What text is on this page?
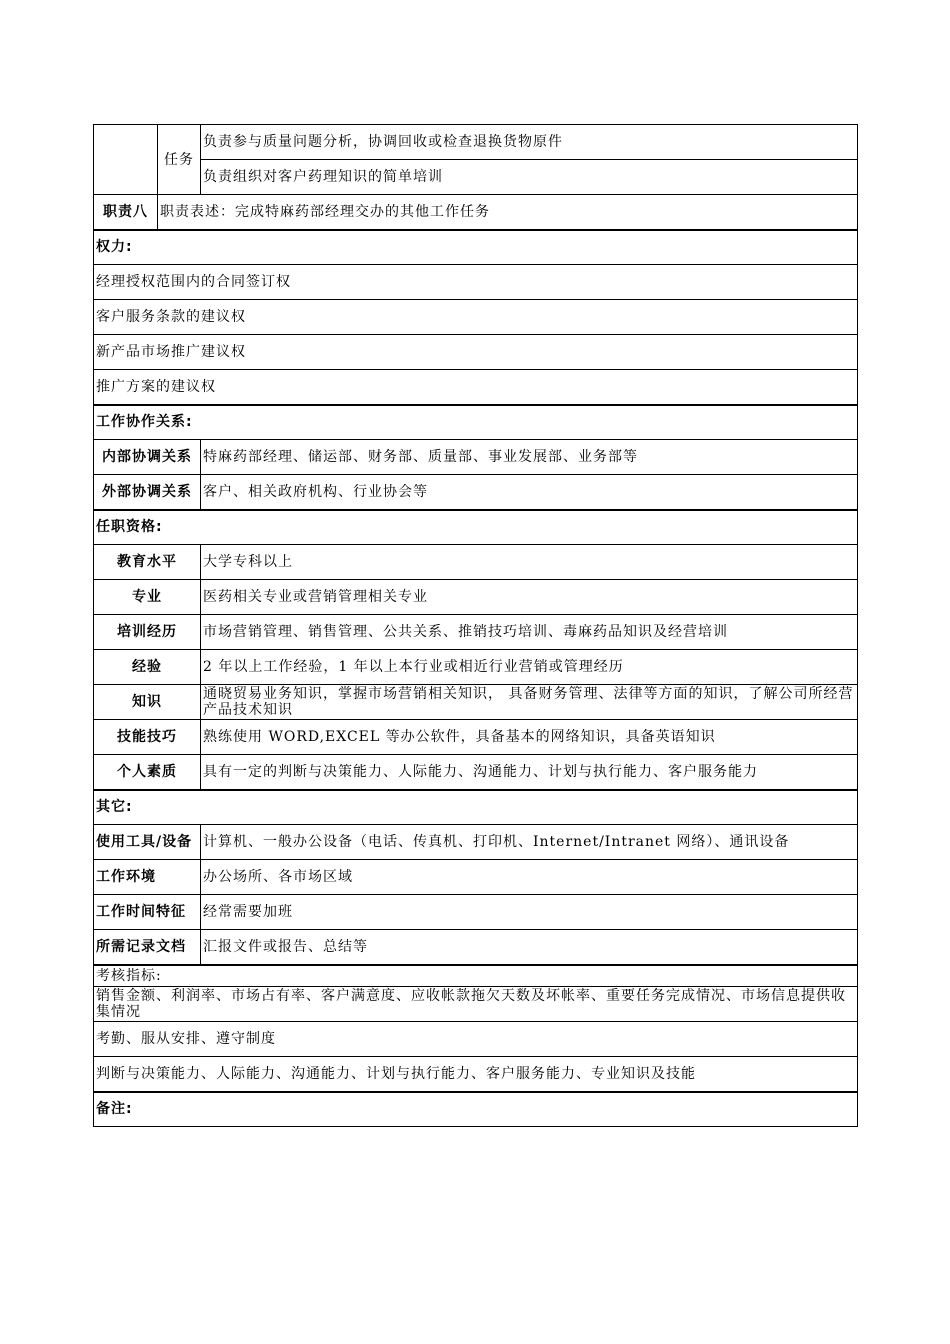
	任务	负责参与质量问题分析，协调回收或检查退换货物原件
		负责组织对客户药理知识的简单培训
职责八	职责表述：完成特麻药部经理交办的其他工作任务	
权力:		
经理授权范围内的合同签订权		
客户服务条款的建议权		
新产品市场推广建议权		
推广方案的建议权		
工作协作关系:		
内部协调关系		特麻药部经理、储运部、财务部、质量部、事业发展部、业务部等
外部协调关系		客户、相关政府机构、行业协会等
任职资格:		
教育水平		大学专科以上
专业		医药相关专业或营销管理相关专业
培训经历		市场营销管理、销售管理、公共关系、推销技巧培训、毒麻药品知识及经营培训
经验		2 年以上工作经验，1 年以上本行业或相近行业营销或管理经历
知识		通晓贸易业务知识，掌握市场营销相关知识， 具备财务管理、法律等方面的知识，了解公司所经营产品技术知识
技能技巧		熟练使用 WORD,EXCEL 等办公软件，具备基本的网络知识，具备英语知识
个人素质		具有一定的判断与决策能力、人际能力、沟通能力、计划与执行能力、客户服务能力
其它:		
使用工具/设备		计算机、一般办公设备（电话、传真机、打印机、Internet/Intranet 网络）、通讯设备
工作环境		办公场所、各市场区域
工作时间特征		经常需要加班
所需记录文档		汇报文件或报告、总结等
考核指标:		
销售金额、利润率、市场占有率、客户满意度、应收帐款拖欠天数及坏帐率、重要任务完成情况、市场信息提供收集情况		
考勤、服从安排、遵守制度		
判断与决策能力、人际能力、沟通能力、计划与执行能力、客户服务能力、专业知识及技能		
备注:		
